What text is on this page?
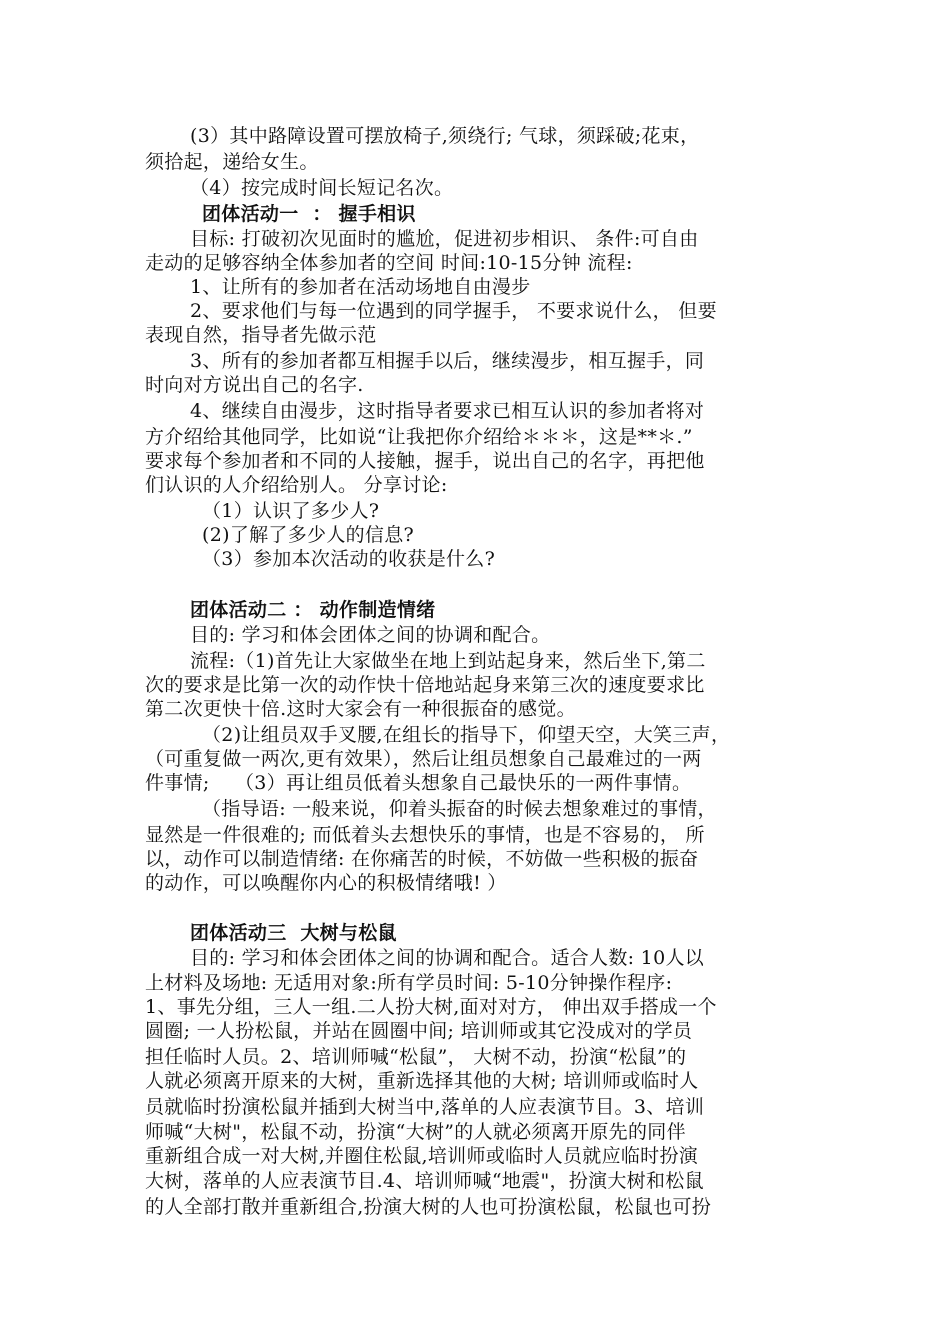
(3）其中路障设置可摆放椅子,须绕行; 气球，须踩破;花束，
须拾起，递给女生。
（4）按完成时间长短记名次。
团体活动一  ： 握手相识
目标: 打破初次见面时的尴尬，促进初步相识、 条件:可自由
走动的足够容纳全体参加者的空间 时间:10-15分钟 流程:
1、让所有的参加者在活动场地自由漫步
2、要求他们与每一位遇到的同学握手， 不要求说什么， 但要
表现自然，指导者先做示范
3、所有的参加者都互相握手以后，继续漫步，相互握手，同
时向对方说出自己的名字.
4、继续自由漫步，这时指导者要求已相互认识的参加者将对
方介绍给其他同学，比如说“让我把你介绍给＊＊＊，这是**＊.”
要求每个参加者和不同的人接触，握手，说出自己的名字，再把他
们认识的人介绍给别人。 分享讨论:
（1）认识了多少人?
(2)了解了多少人的信息?
（3）参加本次活动的收获是什么?
团体活动二 ： 动作制造情绪
目的: 学习和体会团体之间的协调和配合。
流程:（1)首先让大家做坐在地上到站起身来，然后坐下,第二
次的要求是比第一次的动作快十倍地站起身来第三次的速度要求比
第二次更快十倍.这时大家会有一种很振奋的感觉。
（2)让组员双手叉腰,在组长的指导下，仰望天空，大笑三声，
（可重复做一两次,更有效果），然后让组员想象自己最难过的一两
件事情;    （3）再让组员低着头想象自己最快乐的一两件事情。
（指导语: 一般来说，仰着头振奋的时候去想象难过的事情，
显然是一件很难的; 而低着头去想快乐的事情，也是不容易的， 所
以，动作可以制造情绪: 在你痛苦的时候，不妨做一些积极的振奋
的动作，可以唤醒你内心的积极情绪哦! ）
团体活动三  大树与松鼠
目的: 学习和体会团体之间的协调和配合。适合人数: 10人以
上材料及场地: 无适用对象:所有学员时间: 5-10分钟操作程序:
1、事先分组，三人一组.二人扮大树,面对对方， 伸出双手搭成一个
圆圈; 一人扮松鼠，并站在圆圈中间; 培训师或其它没成对的学员
担任临时人员。2、培训师喊“松鼠”， 大树不动，扮演“松鼠”的
人就必须离开原来的大树，重新选择其他的大树; 培训师或临时人
员就临时扮演松鼠并插到大树当中,落单的人应表演节目。3、培训
师喊“大树"，松鼠不动，扮演“大树”的人就必须离开原先的同伴
重新组合成一对大树,并圈住松鼠,培训师或临时人员就应临时扮演
大树，落单的人应表演节目.4、培训师喊“地震"，扮演大树和松鼠
的人全部打散并重新组合,扮演大树的人也可扮演松鼠，松鼠也可扮
